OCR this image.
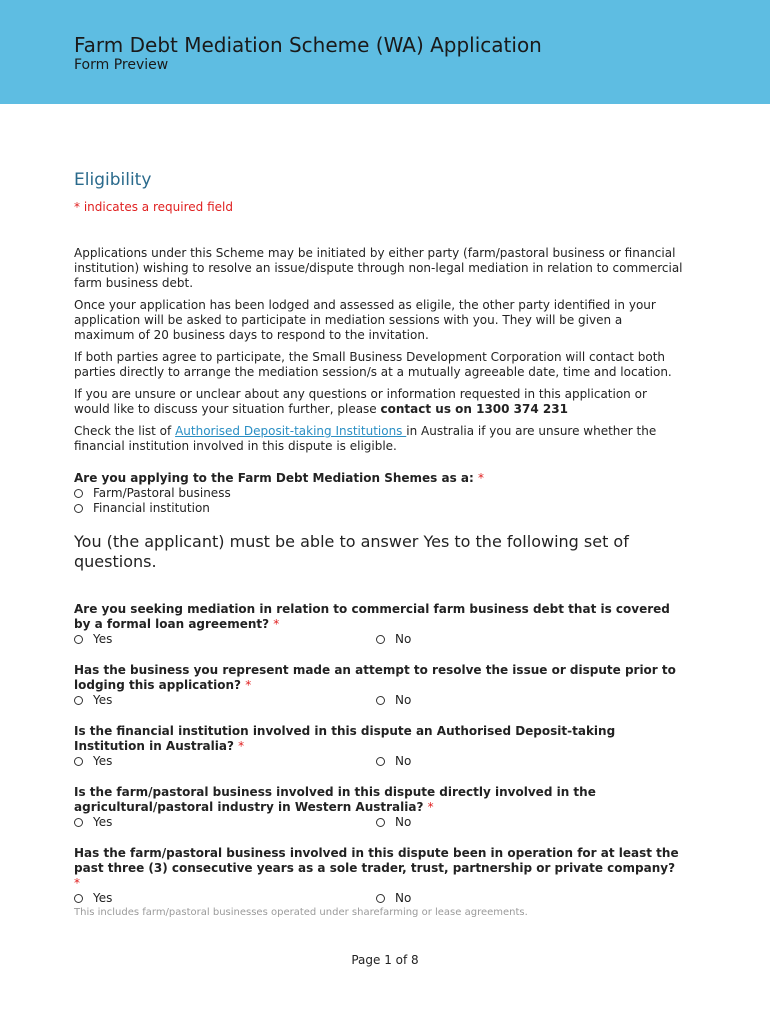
Farm Debt Mediation Scheme (WA) Application
Form Preview
Eligibility
* indicates a required field

Applications under this Scheme may be initiated by either party (farm/pastoral business or financial institution) wishing to resolve an issue/dispute through non-legal mediation in relation to commercial farm business debt.

Once your application has been lodged and assessed as eligile, the other party identified in your application will be asked to participate in mediation sessions with you. They will be given a maximum of 20 business days to respond to the invitation.

If both parties agree to participate, the Small Business Development Corporation will contact both parties directly to arrange the mediation session/s at a mutually agreeable date, time and location.

If you are unsure or unclear about any questions or information requested in this application or would like to discuss your situation further, please contact us on 1300 374 231

Check the list of Authorised Deposit-taking Institutions in Australia if you are unsure whether the financial institution involved in this dispute is eligible.

Are you applying to the Farm Debt Mediation Shemes as a: *
Farm/Pastoral business
Financial institution
You (the applicant) must be able to answer Yes to the following set of questions.
Are you seeking mediation in relation to commercial farm business debt that is covered by a formal loan agreement? *
Yes	No
Has the business you represent made an attempt to resolve the issue or dispute prior to lodging this application? *
Yes	No
Is the financial institution involved in this dispute an Authorised Deposit-taking Institution in Australia? *
Yes	No
Is the farm/pastoral business involved in this dispute directly involved in the agricultural/pastoral industry in Western Australia? *
Yes	No
Has the farm/pastoral business involved in this dispute been in operation for at least the past three (3) consecutive years as a sole trader, trust, partnership or private company? *
Yes	No
This includes farm/pastoral businesses operated under sharefarming or lease agreements.
Page 1 of 8
